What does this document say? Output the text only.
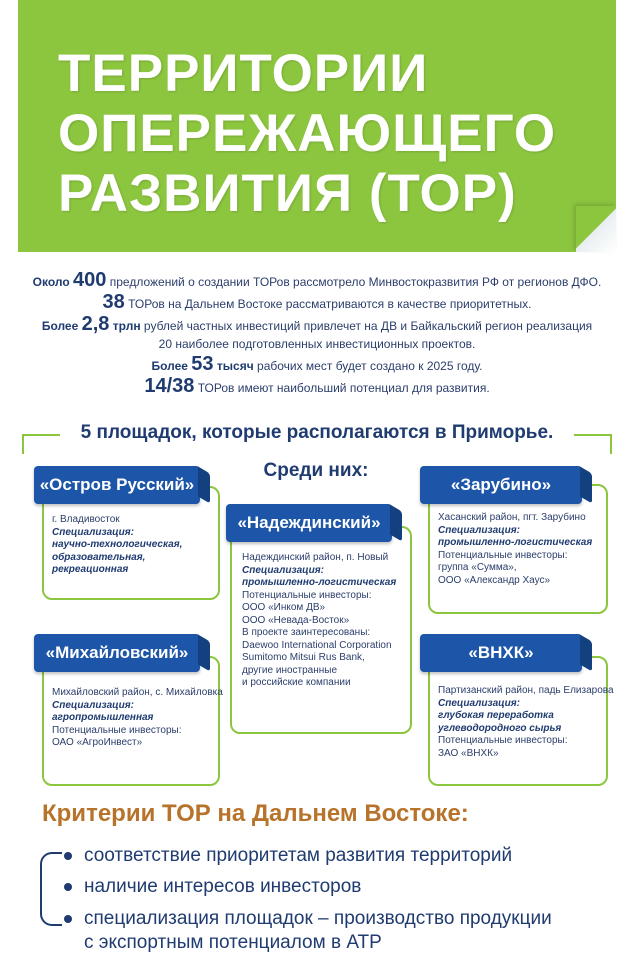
ТЕРРИТОРИИ
ОПЕРЕЖАЮЩЕГО
РАЗВИТИЯ (ТОР)
Около 400 предложений о создании ТОРов рассмотрело Минвостокразвития РФ от регионов ДФО.
38 ТОРов на Дальнем Востоке рассматриваются в качестве приоритетных.
Более 2,8 трлн рублей частных инвестиций привлечет на ДВ и Байкальский регион реализация
20 наиболее подготовленных инвестиционных проектов.
Более 53 тысяч рабочих мест будет создано к 2025 году.
14/38 ТОРов имеют наибольший потенциал для развития.
5 площадок, которые располагаются в Приморье.
Среди них:
«Остров Русский»
«Михайловский»
«Надеждинский»
«Зарубино»
«ВНХК»
г. Владивосток
Специализация:
научно-технологическая,
образовательная,
рекреационная
Михайловский район, с. Михайловка
Специализация:
агропромышленная
Потенциальные инвесторы:
ОАО «АгроИнвест»
Надеждинский район, п. Новый
Специализация:
промышленно-логистическая
Потенциальные инвесторы:
ООО «Инком ДВ»
ООО «Невада-Восток»
В проекте заинтересованы:
Daewoo International Corporation
Sumitomo Mitsui Rus Bank,
другие иностранные
и российские компании
Хасанский район, пгт. Зарубино
Специализация:
промышленно-логистическая
Потенциальные инвесторы:
группа «Сумма»,
ООО «Александр Хаус»
Партизанский район, падь Елизарова
Специализация:
глубокая переработка
углеводородного сырья
Потенциальные инвесторы:
ЗАО «ВНХК»
Критерии ТОР на Дальнем Востоке:
соответствие приоритетам развития территорий
наличие интересов инвесторов
специализация площадок – производство продукции
с экспортным потенциалом в АТР
